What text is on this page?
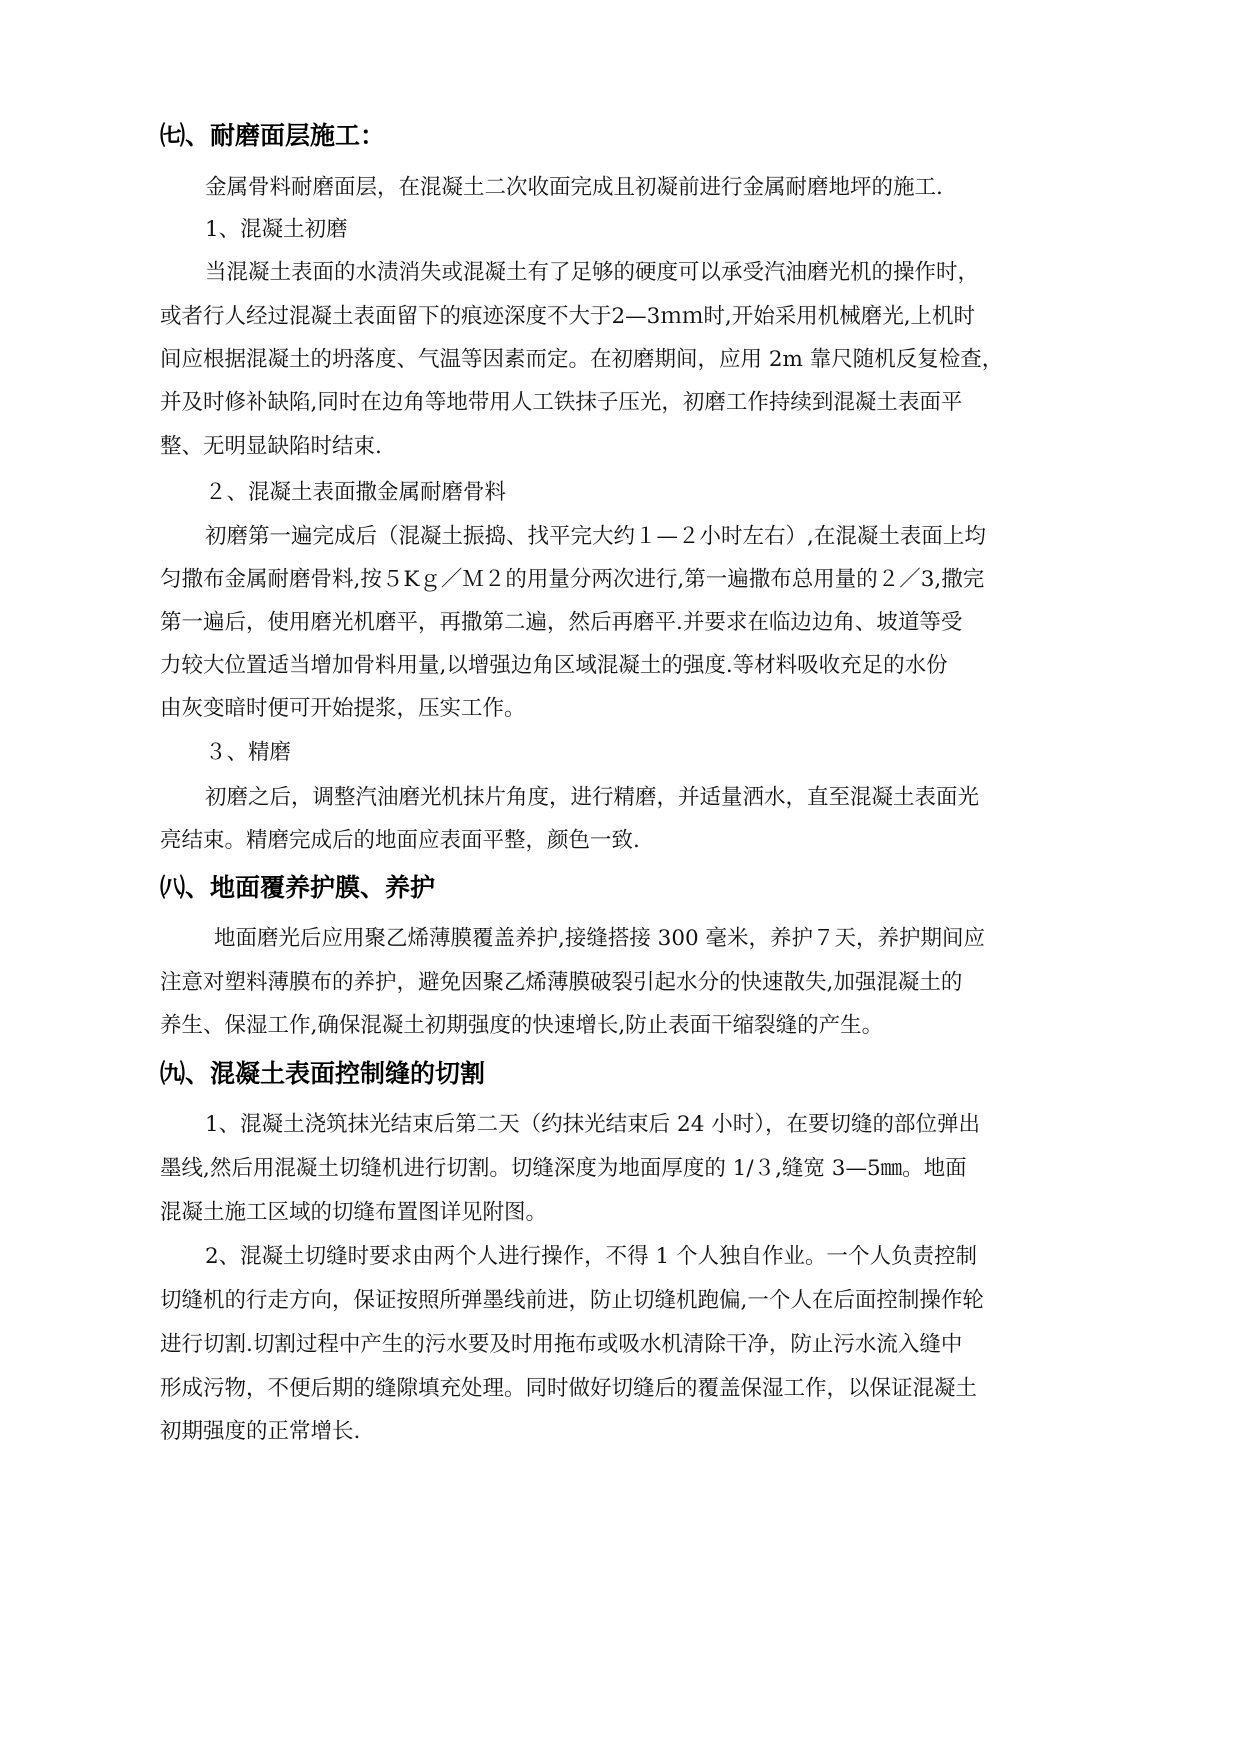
㈦、耐磨面层施工：
金属骨料耐磨面层，在混凝土二次收面完成且初凝前进行金属耐磨地坪的施工.
1、混凝土初磨
当混凝土表面的水渍消失或混凝土有了足够的硬度可以承受汽油磨光机的操作时，
或者行人经过混凝土表面留下的痕迹深度不大于2—3ｍｍ时,开始采用机械磨光,上机时
间应根据混凝土的坍落度、气温等因素而定。在初磨期间，应用 2m 靠尺随机反复检查，
并及时修补缺陷,同时在边角等地带用人工铁抹子压光，初磨工作持续到混凝土表面平
整、无明显缺陷时结束.
２、混凝土表面撒金属耐磨骨料
初磨第一遍完成后（混凝土振捣、找平完大约１—２小时左右）,在混凝土表面上均
匀撒布金属耐磨骨料,按５Kｇ／Ｍ２的用量分两次进行,第一遍撒布总用量的２／3,撒完
第一遍后，使用磨光机磨平，再撒第二遍，然后再磨平.并要求在临边边角、坡道等受
力较大位置适当增加骨料用量,以增强边角区域混凝土的强度.等材料吸收充足的水份
由灰变暗时便可开始提浆，压实工作。
３、精磨
初磨之后，调整汽油磨光机抹片角度，进行精磨，并适量洒水，直至混凝土表面光
亮结束。精磨完成后的地面应表面平整，颜色一致.
㈧、地面覆养护膜、养护
地面磨光后应用聚乙烯薄膜覆盖养护,接缝搭接 300 毫米，养护７天，养护期间应
注意对塑料薄膜布的养护，避免因聚乙烯薄膜破裂引起水分的快速散失,加强混凝土的
养生、保湿工作,确保混凝土初期强度的快速增长,防止表面干缩裂缝的产生。
㈨、混凝土表面控制缝的切割
1、混凝土浇筑抹光结束后第二天（约抹光结束后 24 小时），在要切缝的部位弹出
墨线,然后用混凝土切缝机进行切割。切缝深度为地面厚度的 1/３,缝宽 3—5㎜。地面
混凝土施工区域的切缝布置图详见附图。
2、混凝土切缝时要求由两个人进行操作，不得 1 个人独自作业。一个人负责控制
切缝机的行走方向，保证按照所弹墨线前进，防止切缝机跑偏,一个人在后面控制操作轮
进行切割.切割过程中产生的污水要及时用拖布或吸水机清除干净，防止污水流入缝中
形成污物，不便后期的缝隙填充处理。同时做好切缝后的覆盖保湿工作，以保证混凝土
初期强度的正常增长.
